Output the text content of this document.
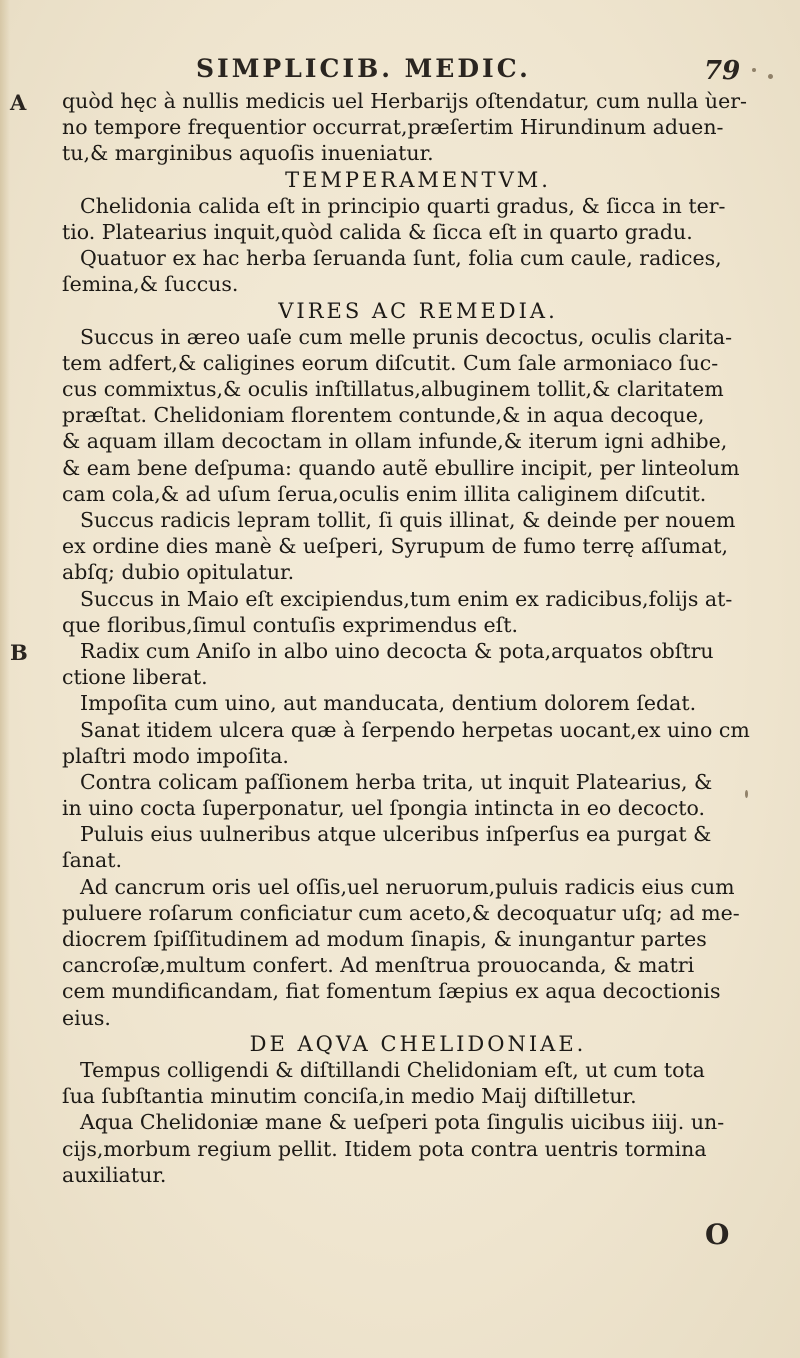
SIMPLICIB. MEDIC.	79
A
B
quòd hęc à nullis medicis uel Herbarijs oſtendatur, cum nulla ùer-
no tempore frequentior occurrat,præſertim Hirundinum aduen-
tu,& marginibus aquoſis inueniatur.
TEMPERAMENTVM.
Chelidonia calida eſt in principio quarti gradus, & ſicca in ter-
tio. Platearius inquit,quòd calida & ſicca eſt in quarto gradu.
Quatuor ex hac herba ſeruanda ſunt, folia cum caule, radices,
ſemina,& ſuccus.
VIRES AC REMEDIA.
Succus in æreo uaſe cum melle prunis decoctus, oculis clarita-
tem adfert,& caligines eorum diſcutit. Cum ſale armoniaco ſuc-
cus commixtus,& oculis inſtillatus,albuginem tollit,& claritatem
præſtat. Chelidoniam florentem contunde,& in aqua decoque,
& aquam illam decoctam in ollam infunde,& iterum igni adhibe,
& eam bene deſpuma: quando autẽ ebullire incipit, per linteolum
cam cola,& ad uſum ſerua,oculis enim illita caliginem diſcutit.
Succus radicis lepram tollit, ſi quis illinat, & deinde per nouem
ex ordine dies manè & ueſperi, Syrupum de fumo terrę aſſumat,
abſq; dubio opitulatur.
Succus in Maio eſt excipiendus,tum enim ex radicibus,folijs at-
que floribus,ſimul contuſis exprimendus eſt.
Radix cum Aniſo in albo uino decocta & pota,arquatos obſtru
ctione liberat.
Impoſita cum uino, aut manducata, dentium dolorem ſedat.
Sanat itidem ulcera quæ à ſerpendo herpetas uocant,ex uino cm
plaſtri modo impoſita.
Contra colicam paſſionem herba trita, ut inquit Platearius, &
in uino cocta ſuperponatur, uel ſpongia intincta in eo decocto.
Puluis eius uulneribus atque ulceribus inſperſus ea purgat &
ſanat.
Ad cancrum oris uel oſſis,uel neruorum,puluis radicis eius cum
puluere roſarum conficiatur cum aceto,& decoquatur uſq; ad me-
diocrem ſpiſſitudinem ad modum ſinapis, & inungantur partes
cancroſæ,multum confert. Ad menſtrua prouocanda, & matri
cem mundificandam, fiat fomentum ſæpius ex aqua decoctionis
eius.
DE AQVA CHELIDONIAE.
Tempus colligendi & diſtillandi Chelidoniam eſt, ut cum tota
ſua ſubſtantia minutim conciſa,in medio Maij diſtilletur.
Aqua Chelidoniæ mane & ueſperi pota ſingulis uicibus iiij. un-
cijs,morbum regium pellit. Itidem pota contra uentris tormina
auxiliatur.
O
